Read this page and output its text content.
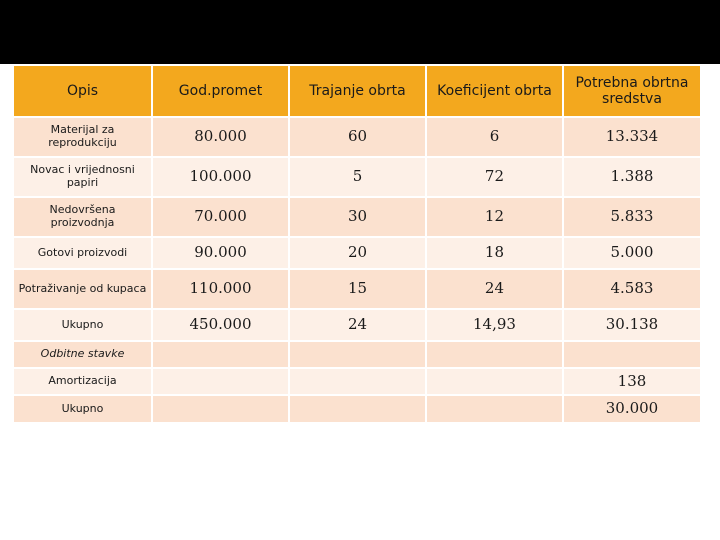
Opis	God.promet	Trajanje obrta	Koeficijent obrta	Potrebna obrtna sredstva
Materijal za reprodukciju	80.000	60	6	13.334
Novac i vrijednosni papiri	100.000	5	72	1.388
Nedovršena proizvodnja	70.000	30	12	5.833
Gotovi proizvodi	90.000	20	18	5.000
Potraživanje od kupaca	110.000	15	24	4.583
Ukupno	450.000	24	14,93	30.138
Odbitne stavke				
Amortizacija				138
Ukupno				30.000
